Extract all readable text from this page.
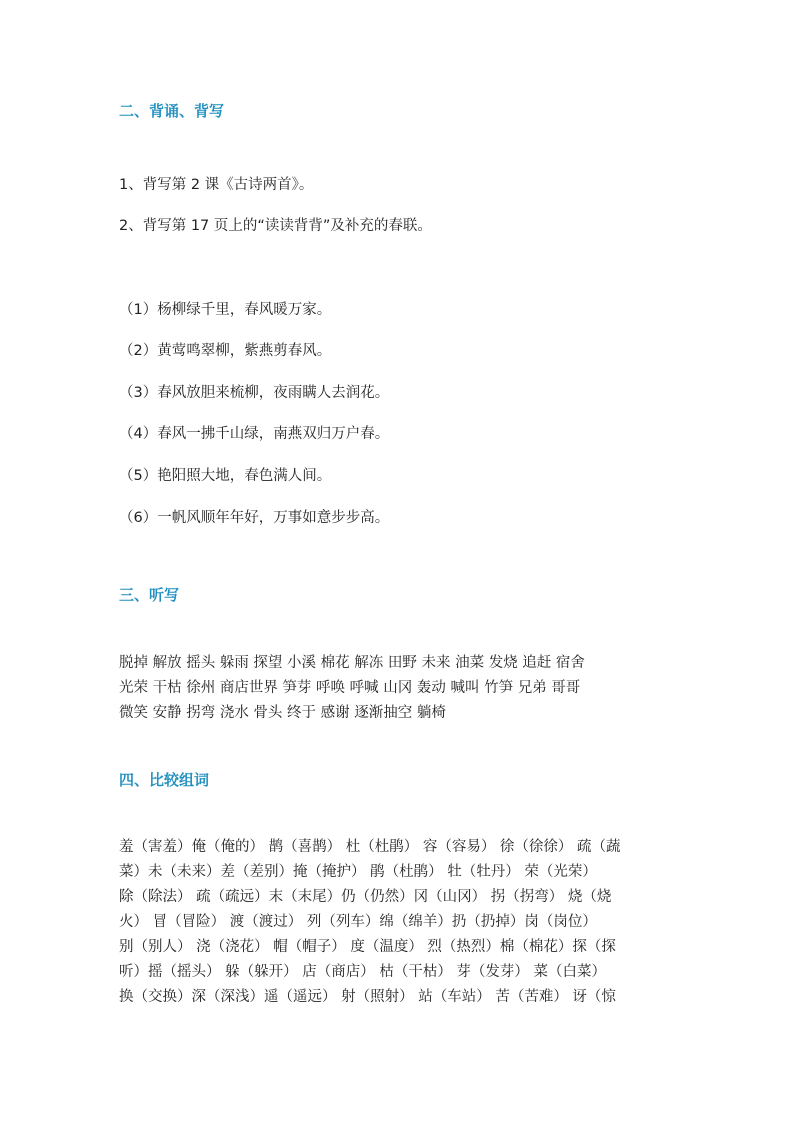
二、背诵、背写
1、背写第 2 课《古诗两首》。
2、背写第 17 页上的“读读背背”及补充的春联。
（1）杨柳绿千里，春风暖万家。
（2）黄莺鸣翠柳，紫燕剪春风。
（3）春风放胆来梳柳，夜雨瞒人去润花。
（4）春风一拂千山绿，南燕双归万户春。
（5）艳阳照大地，春色满人间。
（6）一帆风顺年年好，万事如意步步高。
三、听写
脱掉 解放 摇头 躲雨 探望 小溪 棉花 解冻 田野 未来 油菜 发烧 追赶 宿舍
光荣 干枯 徐州 商店世界 笋芽 呼唤 呼喊 山冈 轰动 喊叫 竹笋 兄弟 哥哥
微笑 安静 拐弯 浇水 骨头 终于 感谢 逐渐抽空 躺椅
四、比较组词
羞（害羞）俺（俺的） 鹊（喜鹊） 杜（杜鹃） 容（容易） 徐（徐徐） 疏（蔬
菜）未（未来）差（差别）掩（掩护） 鹃（杜鹃） 牡（牡丹） 荣（光荣）
除（除法） 疏（疏远）末（末尾）仍（仍然）冈（山冈） 拐（拐弯） 烧（烧
火） 冒（冒险） 渡（渡过） 列（列车）绵（绵羊）扔（扔掉）岗（岗位）
别（别人） 浇（浇花） 帽（帽子） 度（温度） 烈（热烈）棉（棉花）探（探
听）摇（摇头） 躲（躲开） 店（商店） 枯（干枯） 芽（发芽） 菜（白菜）
换（交换）深（深浅）遥（遥远） 射（照射） 站（车站） 苦（苦难） 讶（惊
